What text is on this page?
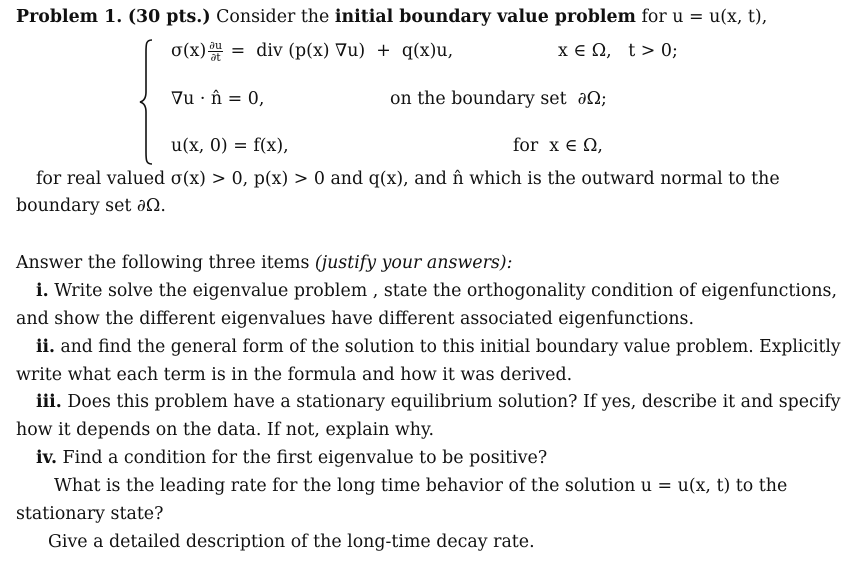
Problem 1. (30 pts.) Consider the initial boundary value problem for u = u(x, t),
$\sigma(x) \frac{\partial u}{\partial t}$ =  div (p(x) ∇u)  +  q(x)u,	x ∈ Ω,   t > 0;
∇u · n̂ = 0,	on the boundary set  ∂Ω;
u(x, 0) = f(x),	for  x ∈ Ω,
for real valued σ(x) > 0, p(x) > 0 and q(x), and n̂ which is the outward normal to the
boundary set ∂Ω.
Answer the following three items (justify your answers):
i. Write solve the eigenvalue problem , state the orthogonality condition of eigenfunctions,
and show the different eigenvalues have different associated eigenfunctions.
ii. and find the general form of the solution to this initial boundary value problem. Explicitly
write what each term is in the formula and how it was derived.
iii. Does this problem have a stationary equilibrium solution? If yes, describe it and specify
how it depends on the data. If not, explain why.
iv. Find a condition for the first eigenvalue to be positive?
What is the leading rate for the long time behavior of the solution u = u(x, t) to the
stationary state?
Give a detailed description of the long-time decay rate.
